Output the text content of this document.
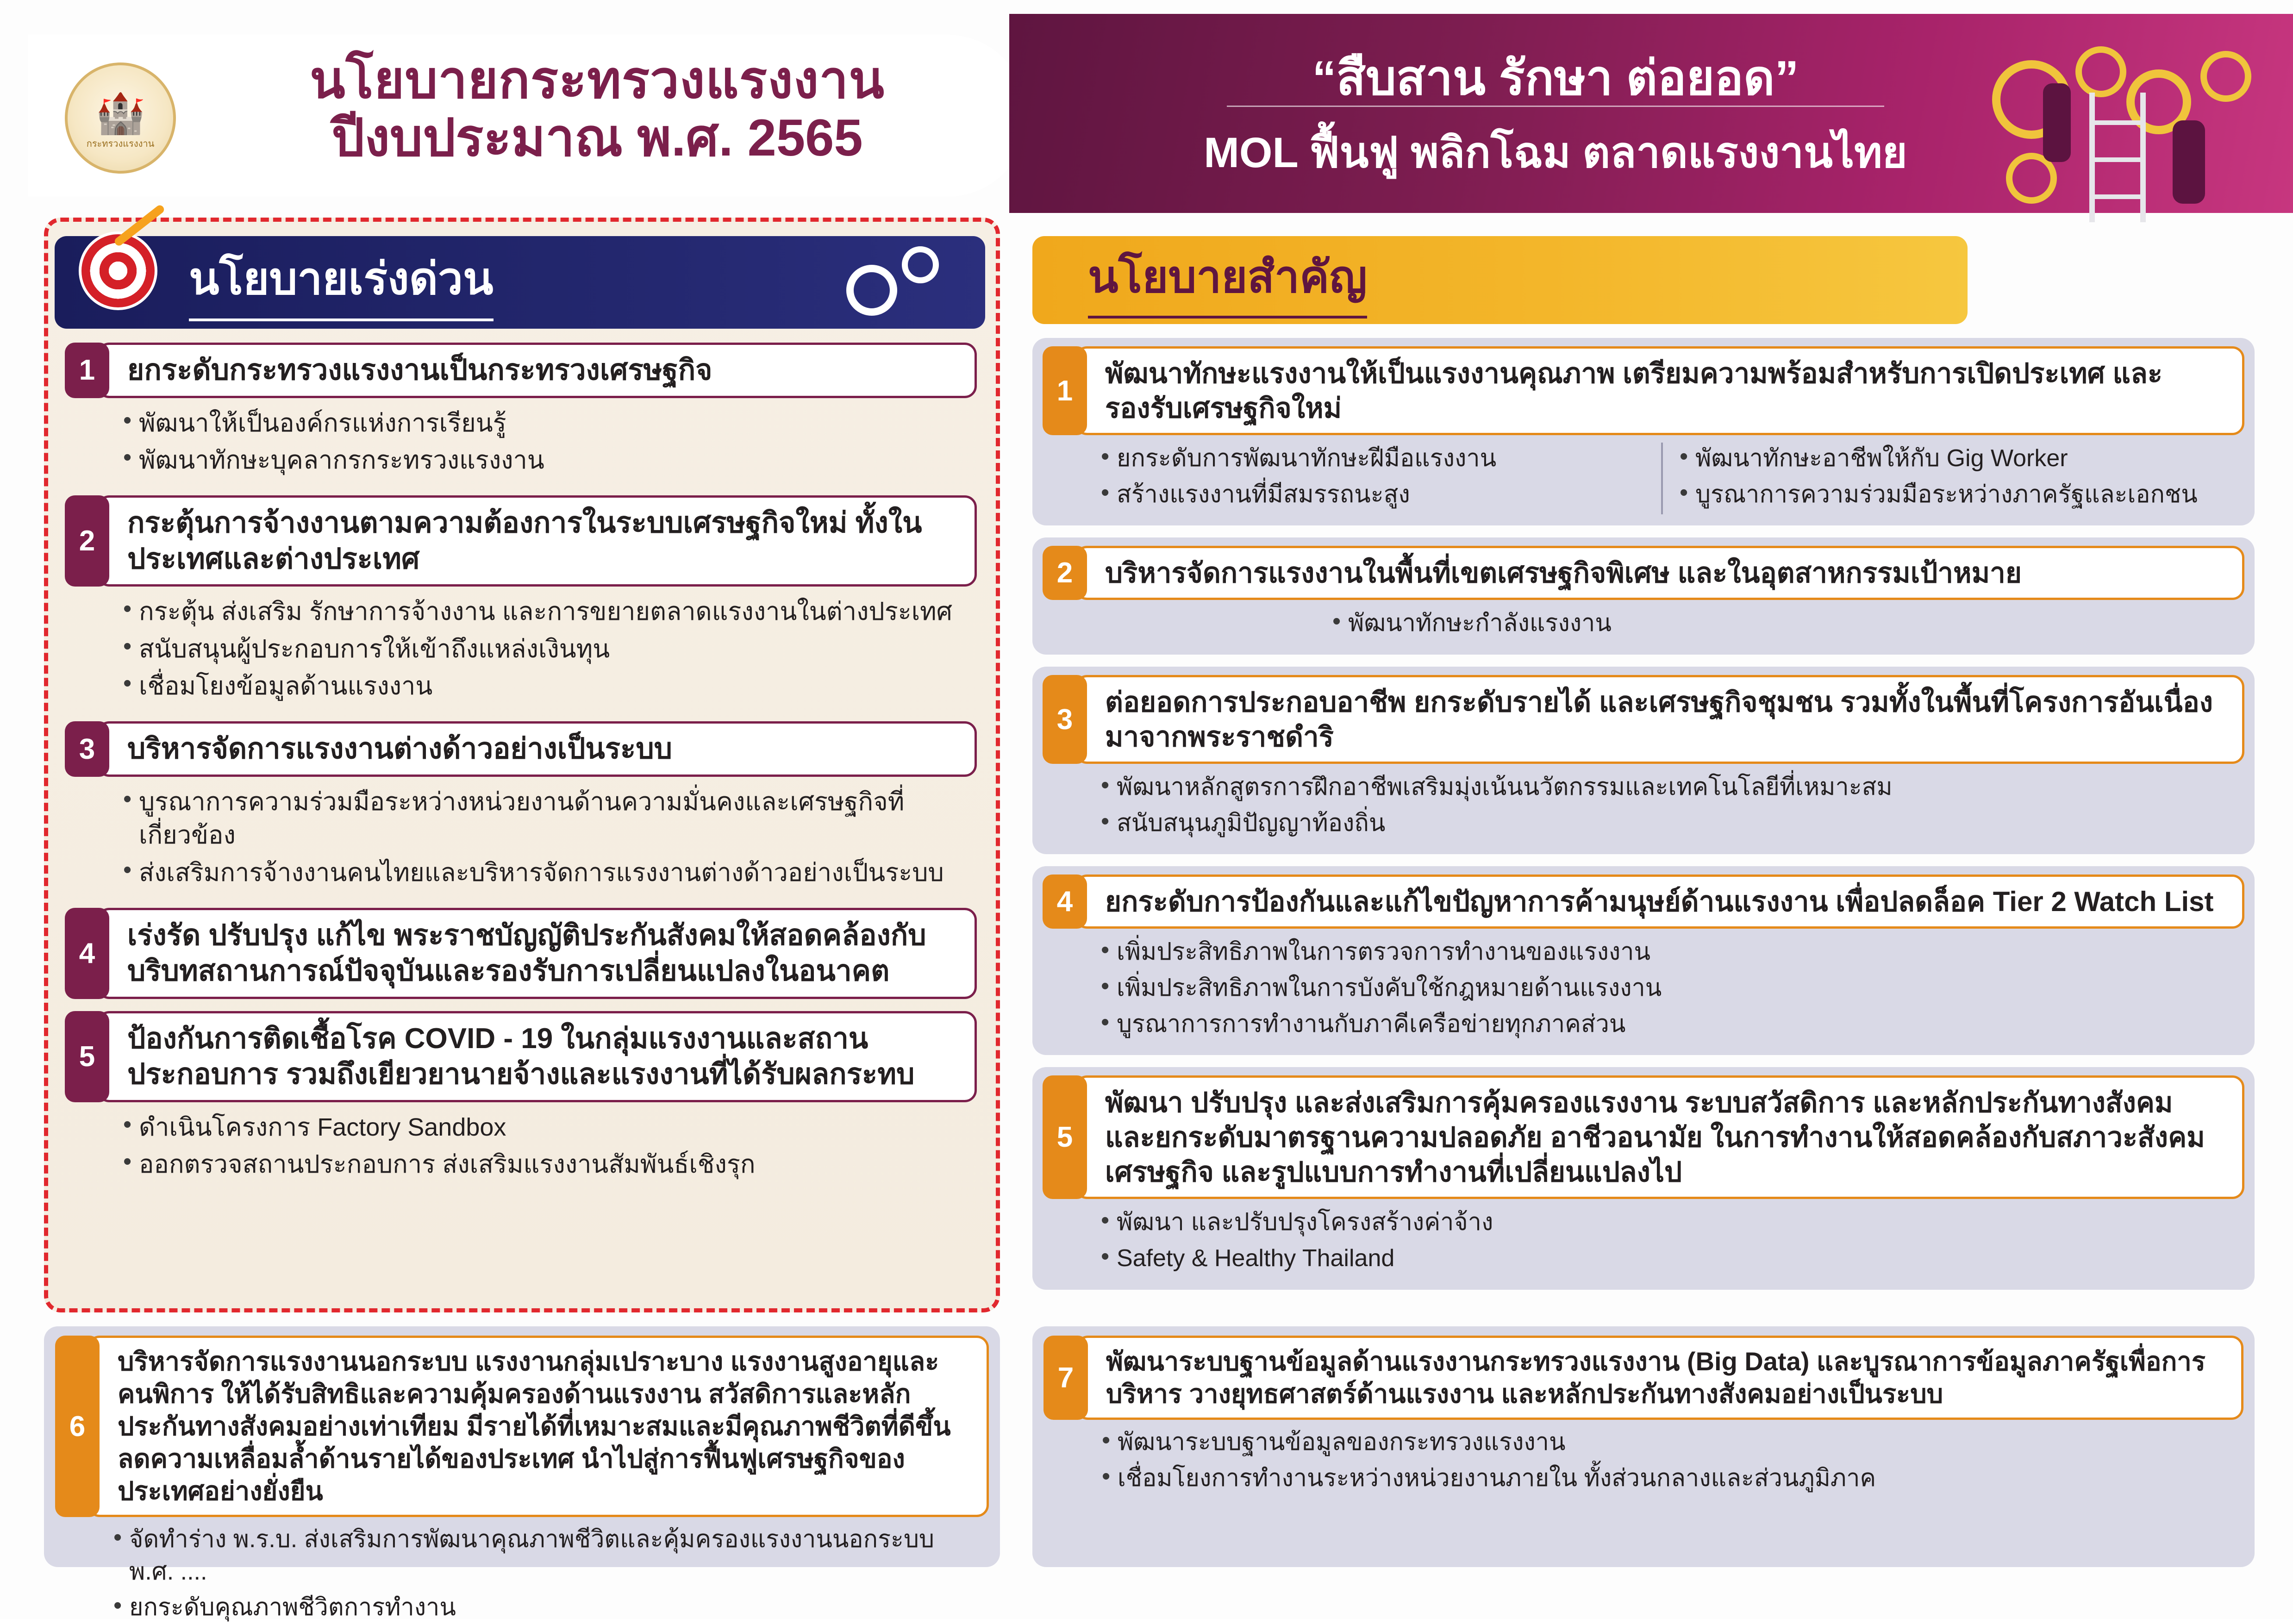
🏰
กระทรวงแรงงาน
นโยบายกระทรวงแรงงาน
ปีงบประมาณ พ.ศ. 2565
“สืบสาน รักษา ต่อยอด”
MOL ฟื้นฟู พลิกโฉม ตลาดแรงงานไทย
นโยบายเร่งด่วน
1	ยกระดับกระทรวงแรงงานเป็นกระทรวงเศรษฐกิจ
• พัฒนาให้เป็นองค์กรแห่งการเรียนรู้
• พัฒนาทักษะบุคลากรกระทรวงแรงงาน
2
กระตุ้นการจ้างงานตามความต้องการในระบบเศรษฐกิจใหม่ ทั้งในประเทศและต่างประเทศ
• กระตุ้น ส่งเสริม รักษาการจ้างงาน และการขยายตลาดแรงงานในต่างประเทศ
• สนับสนุนผู้ประกอบการให้เข้าถึงแหล่งเงินทุน
• เชื่อมโยงข้อมูลด้านแรงงาน
3	บริหารจัดการแรงงานต่างด้าวอย่างเป็นระบบ
• บูรณาการความร่วมมือระหว่างหน่วยงานด้านความมั่นคงและเศรษฐกิจที่เกี่ยวข้อง
• ส่งเสริมการจ้างงานคนไทยและบริหารจัดการแรงงานต่างด้าวอย่างเป็นระบบ
4
เร่งรัด ปรับปรุง แก้ไข พระราชบัญญัติประกันสังคมให้สอดคล้องกับบริบทสถานการณ์ปัจจุบันและรองรับการเปลี่ยนแปลงในอนาคต
5
ป้องกันการติดเชื้อโรค COVID - 19 ในกลุ่มแรงงานและสถานประกอบการ รวมถึงเยียวยานายจ้างและแรงงานที่ได้รับผลกระทบ
• ดำเนินโครงการ Factory Sandbox
• ออกตรวจสถานประกอบการ ส่งเสริมแรงงานสัมพันธ์เชิงรุก
นโยบายสำคัญ
1
พัฒนาทักษะแรงงานให้เป็นแรงงานคุณภาพ เตรียมความพร้อมสำหรับการเปิดประเทศ และรองรับเศรษฐกิจใหม่
• ยกระดับการพัฒนาทักษะฝีมือแรงงาน
• สร้างแรงงานที่มีสมรรถนะสูง
• พัฒนาทักษะอาชีพให้กับ Gig Worker
• บูรณาการความร่วมมือระหว่างภาครัฐและเอกชน
2	บริหารจัดการแรงงานในพื้นที่เขตเศรษฐกิจพิเศษ และในอุตสาหกรรมเป้าหมาย
• พัฒนาทักษะกำลังแรงงาน
3
ต่อยอดการประกอบอาชีพ ยกระดับรายได้ และเศรษฐกิจชุมชน รวมทั้งในพื้นที่โครงการอันเนื่องมาจากพระราชดำริ
• พัฒนาหลักสูตรการฝึกอาชีพเสริมมุ่งเน้นนวัตกรรมและเทคโนโลยีที่เหมาะสม
• สนับสนุนภูมิปัญญาท้องถิ่น
4	ยกระดับการป้องกันและแก้ไขปัญหาการค้ามนุษย์ด้านแรงงาน เพื่อปลดล็อค Tier 2 Watch List
• เพิ่มประสิทธิภาพในการตรวจการทำงานของแรงงาน
• เพิ่มประสิทธิภาพในการบังคับใช้กฎหมายด้านแรงงาน
• บูรณาการการทำงานกับภาคีเครือข่ายทุกภาคส่วน
5
พัฒนา ปรับปรุง และส่งเสริมการคุ้มครองแรงงาน ระบบสวัสดิการ และหลักประกันทางสังคม และยกระดับมาตรฐานความปลอดภัย อาชีวอนามัย ในการทำงานให้สอดคล้องกับสภาวะสังคม เศรษฐกิจ และรูปแบบการทำงานที่เปลี่ยนแปลงไป
• พัฒนา และปรับปรุงโครงสร้างค่าจ้าง
• Safety & Healthy Thailand
6
บริหารจัดการแรงงานนอกระบบ แรงงานกลุ่มเปราะบาง แรงงานสูงอายุและคนพิการ ให้ได้รับสิทธิและความคุ้มครองด้านแรงงาน สวัสดิการและหลักประกันทางสังคมอย่างเท่าเทียม มีรายได้ที่เหมาะสมและมีคุณภาพชีวิตที่ดีขึ้น ลดความเหลื่อมล้ำด้านรายได้ของประเทศ นำไปสู่การฟื้นฟูเศรษฐกิจของประเทศอย่างยั่งยืน
• จัดทำร่าง พ.ร.บ. ส่งเสริมการพัฒนาคุณภาพชีวิตและคุ้มครองแรงงานนอกระบบ พ.ศ. ....
• ยกระดับคุณภาพชีวิตการทำงาน
7
พัฒนาระบบฐานข้อมูลด้านแรงงานกระทรวงแรงงาน (Big Data) และบูรณาการข้อมูลภาครัฐเพื่อการบริหาร วางยุทธศาสตร์ด้านแรงงาน และหลักประกันทางสังคมอย่างเป็นระบบ
• พัฒนาระบบฐานข้อมูลของกระทรวงแรงงาน
• เชื่อมโยงการทำงานระหว่างหน่วยงานภายใน ทั้งส่วนกลางและส่วนภูมิภาค
